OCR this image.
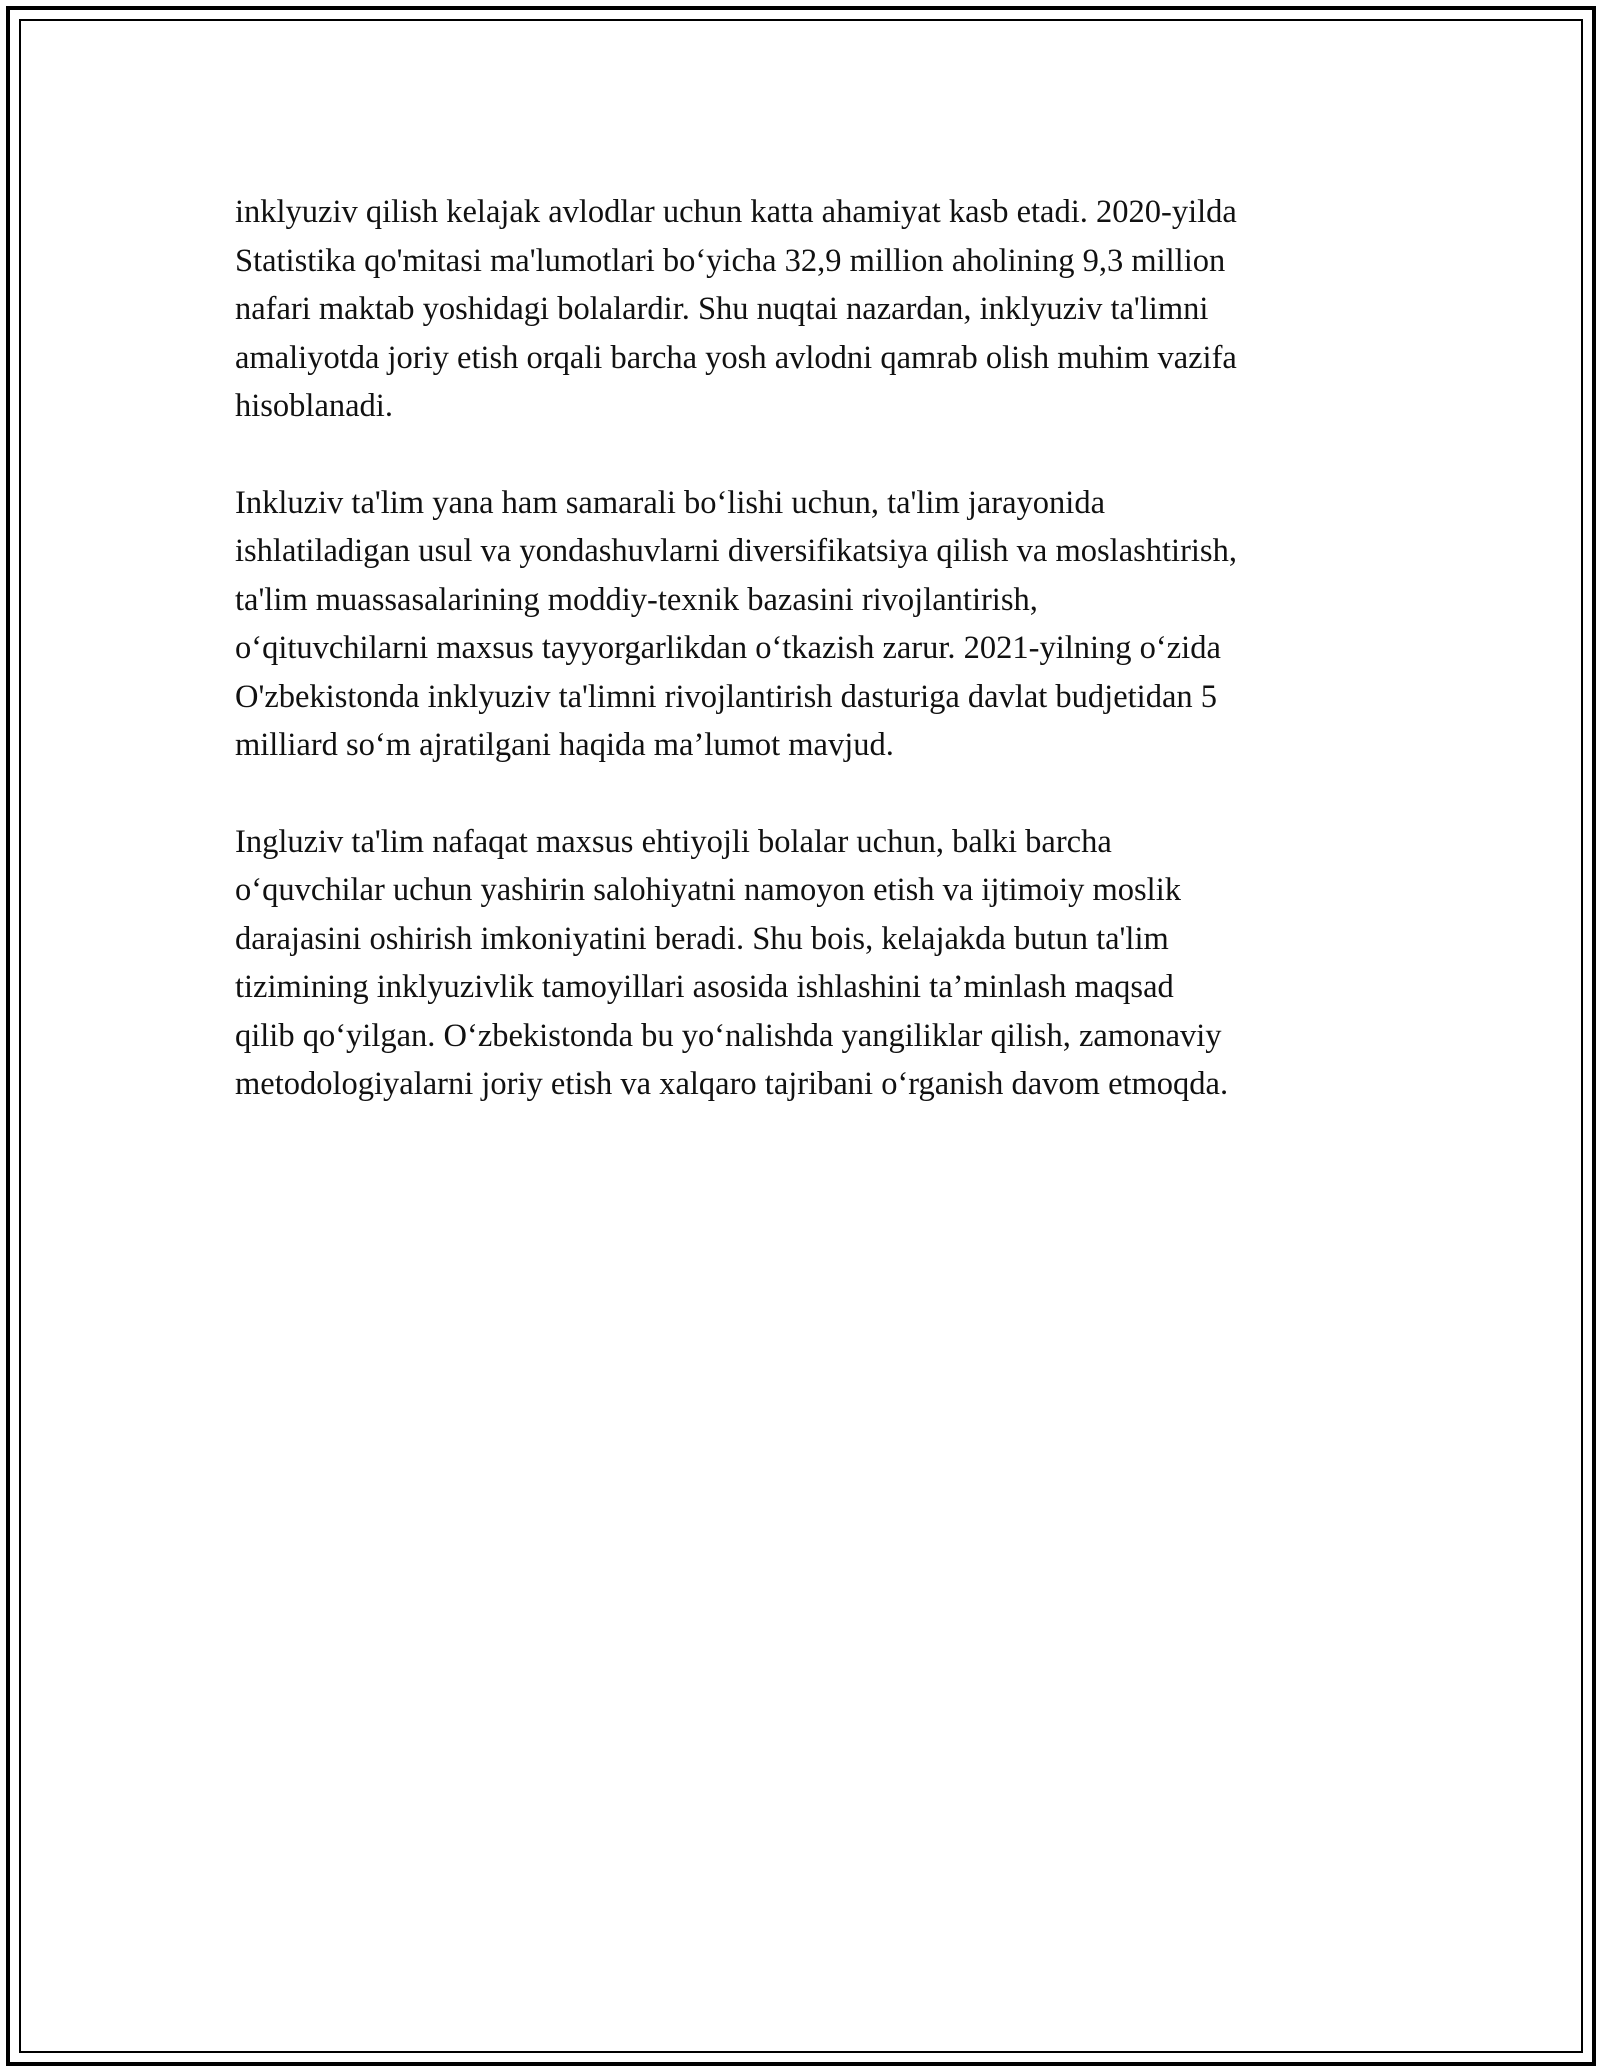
inklyuziv qilish kelajak avlodlar uchun katta ahamiyat kasb etadi. 2020-yilda
Statistika qo'mitasi ma'lumotlari bo‘yicha 32,9 million aholining 9,3 million
nafari maktab yoshidagi bolalardir. Shu nuqtai nazardan, inklyuziv ta'limni
amaliyotda joriy etish orqali barcha yosh avlodni qamrab olish muhim vazifa
hisoblanadi.

Inkluziv ta'lim yana ham samarali bo‘lishi uchun, ta'lim jarayonida
ishlatiladigan usul va yondashuvlarni diversifikatsiya qilish va moslashtirish,
ta'lim muassasalarining moddiy-texnik bazasini rivojlantirish,
o‘qituvchilarni maxsus tayyorgarlikdan o‘tkazish zarur. 2021-yilning o‘zida
O'zbekistonda inklyuziv ta'limni rivojlantirish dasturiga davlat budjetidan 5
milliard so‘m ajratilgani haqida ma’lumot mavjud.

Ingluziv ta'lim nafaqat maxsus ehtiyojli bolalar uchun, balki barcha
o‘quvchilar uchun yashirin salohiyatni namoyon etish va ijtimoiy moslik
darajasini oshirish imkoniyatini beradi. Shu bois, kelajakda butun ta'lim
tizimining inklyuzivlik tamoyillari asosida ishlashini ta’minlash maqsad
qilib qo‘yilgan. O‘zbekistonda bu yo‘nalishda yangiliklar qilish, zamonaviy
metodologiyalarni joriy etish va xalqaro tajribani o‘rganish davom etmoqda.
